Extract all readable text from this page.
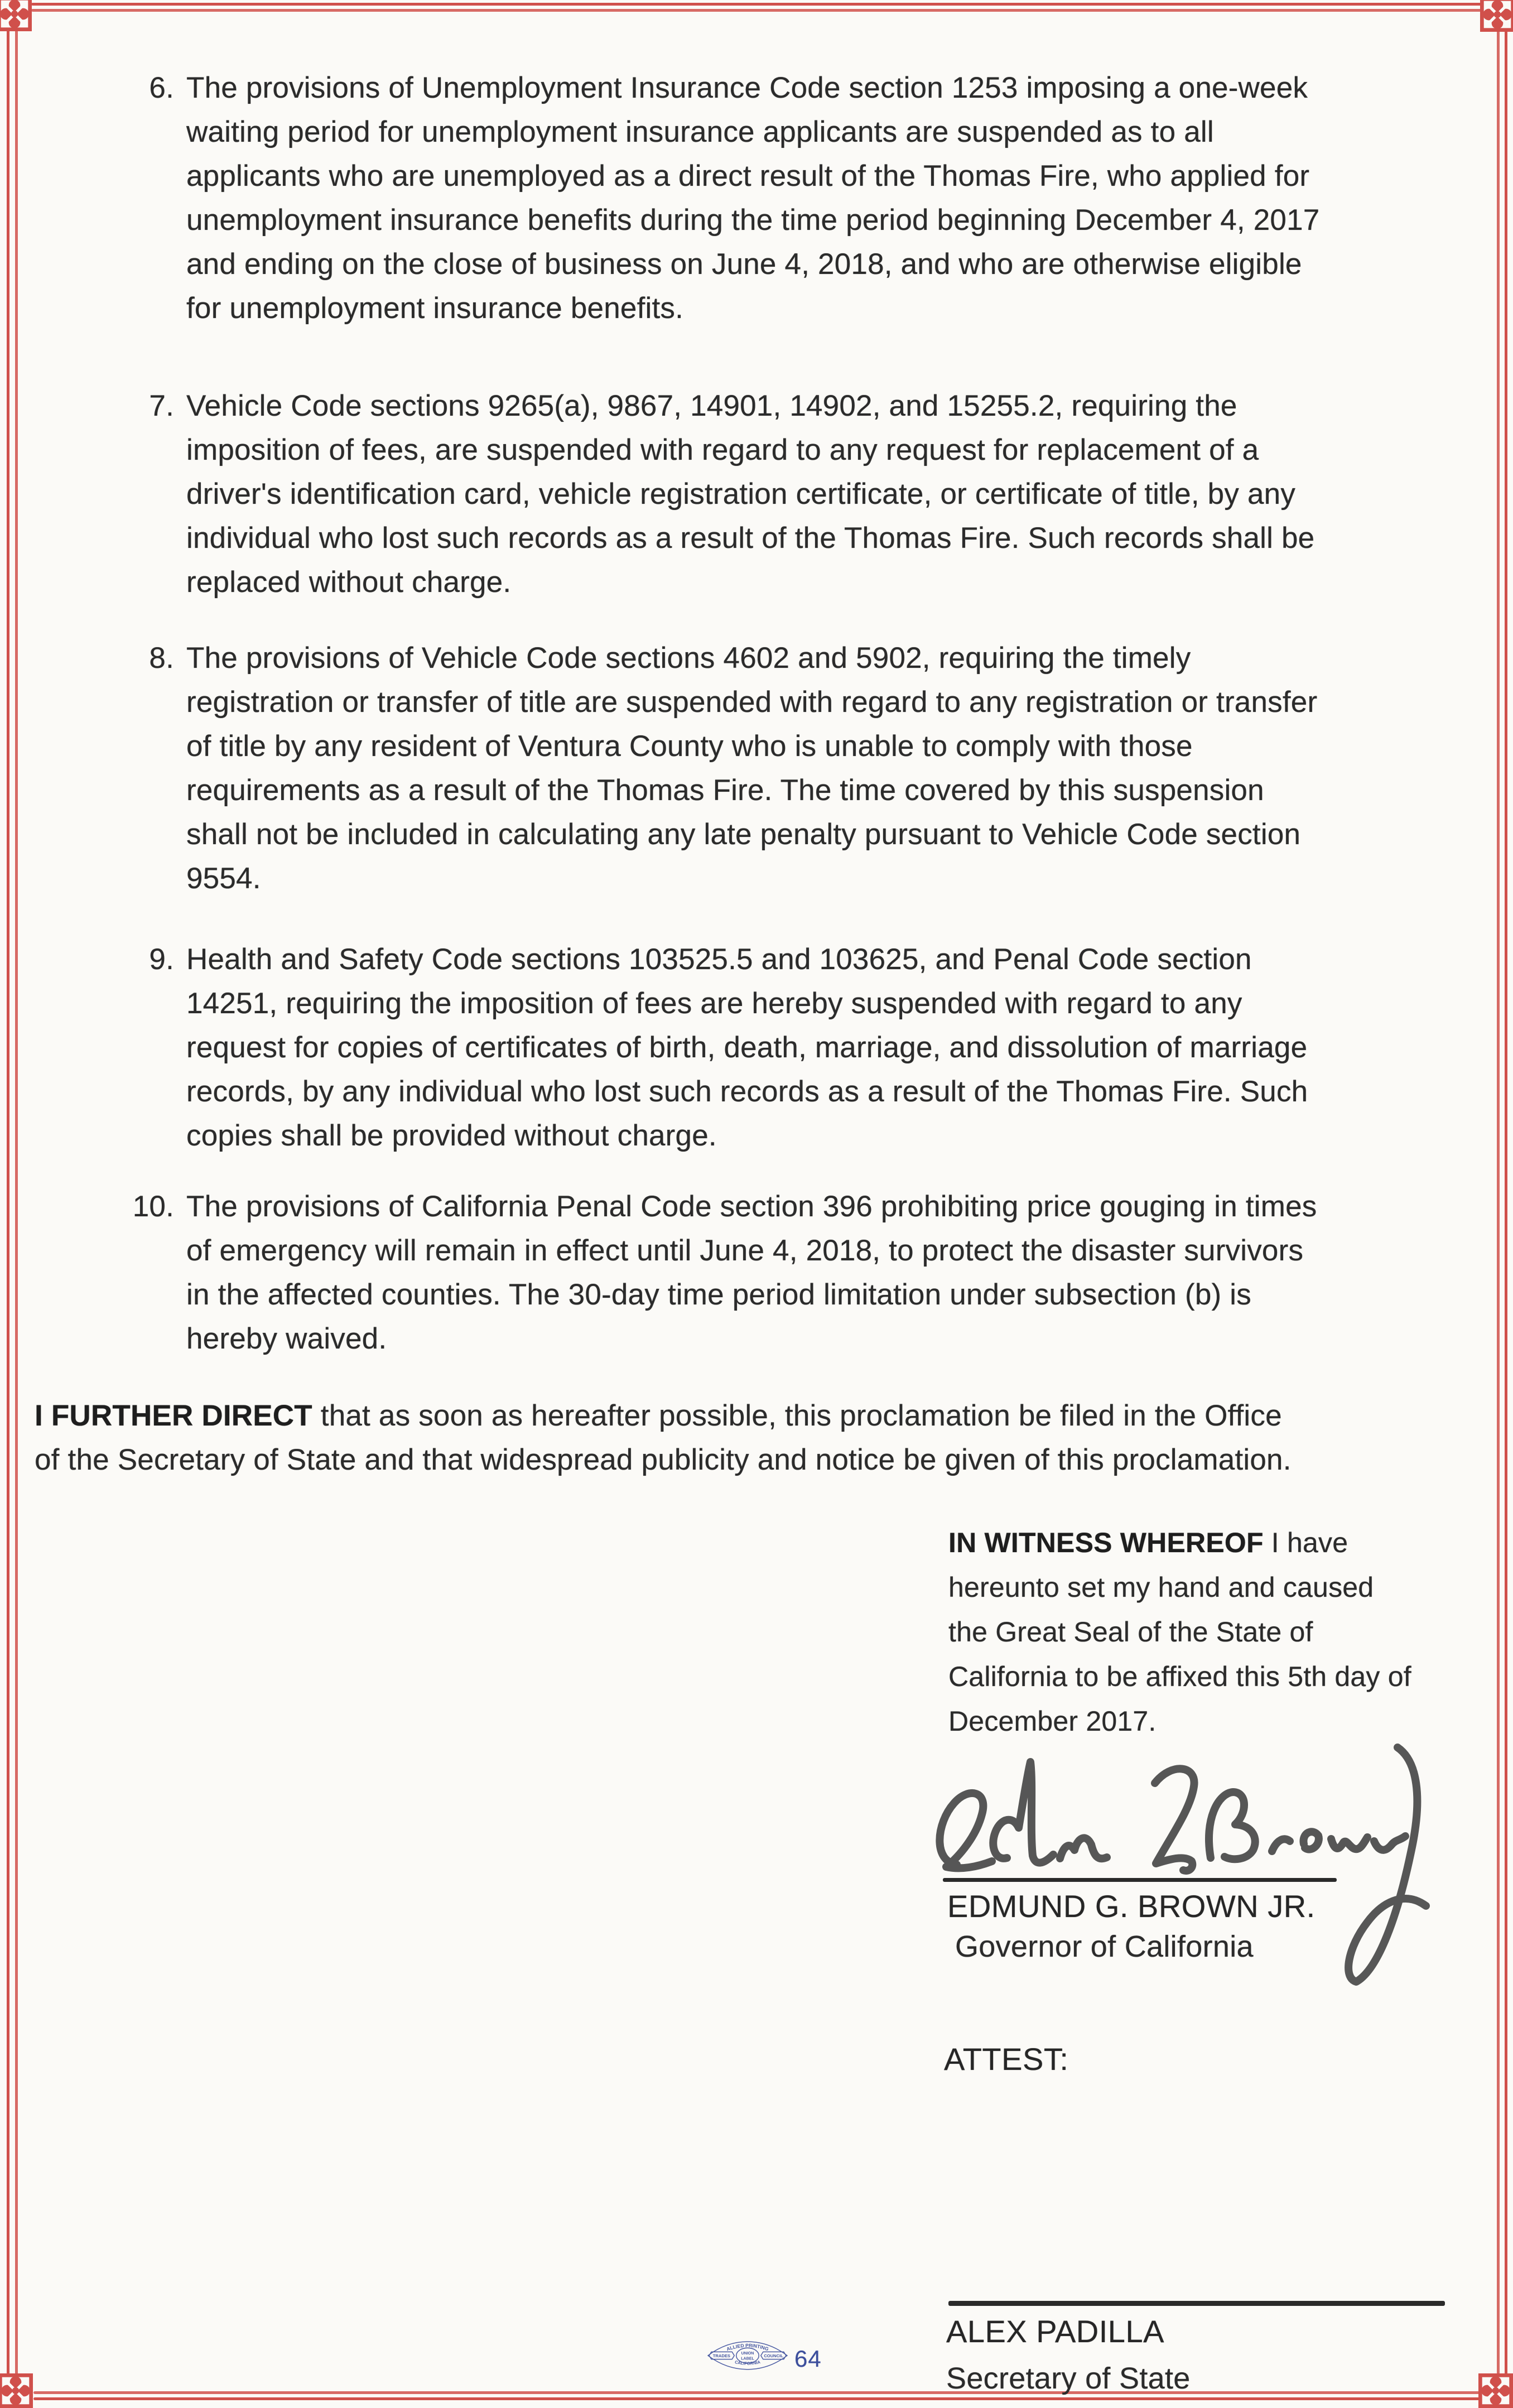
6. The provisions of Unemployment Insurance Code section 1253 imposing a one-week
waiting period for unemployment insurance applicants are suspended as to all
applicants who are unemployed as a direct result of the Thomas Fire, who applied for
unemployment insurance benefits during the time period beginning December 4, 2017
and ending on the close of business on June 4, 2018, and who are otherwise eligible
for unemployment insurance benefits.
7. Vehicle Code sections 9265(a), 9867, 14901, 14902, and 15255.2, requiring the
imposition of fees, are suspended with regard to any request for replacement of a
driver's identification card, vehicle registration certificate, or certificate of title, by any
individual who lost such records as a result of the Thomas Fire. Such records shall be
replaced without charge.
8. The provisions of Vehicle Code sections 4602 and 5902, requiring the timely
registration or transfer of title are suspended with regard to any registration or transfer
of title by any resident of Ventura County who is unable to comply with those
requirements as a result of the Thomas Fire. The time covered by this suspension
shall not be included in calculating any late penalty pursuant to Vehicle Code section
9554.
9. Health and Safety Code sections 103525.5 and 103625, and Penal Code section
14251, requiring the imposition of fees are hereby suspended with regard to any
request for copies of certificates of birth, death, marriage, and dissolution of marriage
records, by any individual who lost such records as a result of the Thomas Fire. Such
copies shall be provided without charge.
10. The provisions of California Penal Code section 396 prohibiting price gouging in times
of emergency will remain in effect until June 4, 2018, to protect the disaster survivors
in the affected counties. The 30-day time period limitation under subsection (b) is
hereby waived.
I FURTHER DIRECT that as soon as hereafter possible, this proclamation be filed in the Office
of the Secretary of State and that widespread publicity and notice be given of this proclamation.
IN WITNESS WHEREOF I have
hereunto set my hand and caused
the Great Seal of the State of
California to be affixed this 5th day of
December 2017.
EDMUND G. BROWN JR.
Governor of California
ATTEST:
ALEX PADILLA
Secretary of State
ALLIED PRINTING
CALIFORNIA
TRADES	COUNCIL
UNION
LABEL 64
